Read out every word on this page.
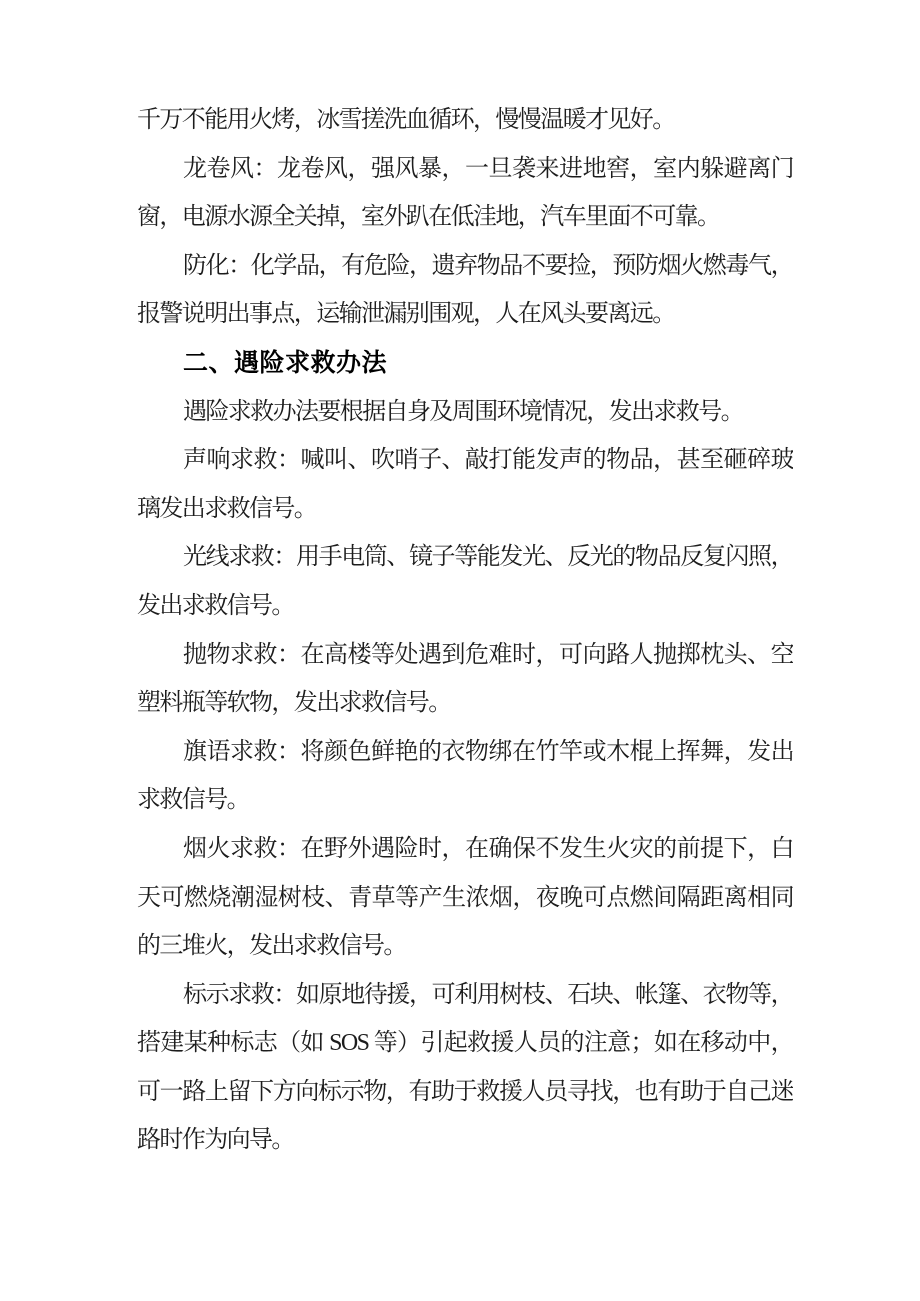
千万不能用火烤，冰雪搓洗血循环，慢慢温暖才见好。
龙卷风：龙卷风，强风暴，一旦袭来进地窖，室内躲避离门
窗，电源水源全关掉，室外趴在低洼地，汽车里面不可靠。
防化：化学品，有危险，遗弃物品不要捡，预防烟火燃毒气，
报警说明出事点，运输泄漏别围观，人在风头要离远。
二、遇险求救办法
遇险求救办法要根据自身及周围环境情况，发出求救号。
声响求救：喊叫、吹哨子、敲打能发声的物品，甚至砸碎玻
璃发出求救信号。
光线求救：用手电筒、镜子等能发光、反光的物品反复闪照，
发出求救信号。
抛物求救：在高楼等处遇到危难时，可向路人抛掷枕头、空
塑料瓶等软物，发出求救信号。
旗语求救：将颜色鲜艳的衣物绑在竹竿或木棍上挥舞，发出
求救信号。
烟火求救：在野外遇险时，在确保不发生火灾的前提下，白
天可燃烧潮湿树枝、青草等产生浓烟，夜晚可点燃间隔距离相同
的三堆火，发出求救信号。
标示求救：如原地待援，可利用树枝、石块、帐篷、衣物等，
搭建某种标志（如 SOS 等）引起救援人员的注意；如在移动中，
可一路上留下方向标示物，有助于救援人员寻找，也有助于自己迷
路时作为向导。
